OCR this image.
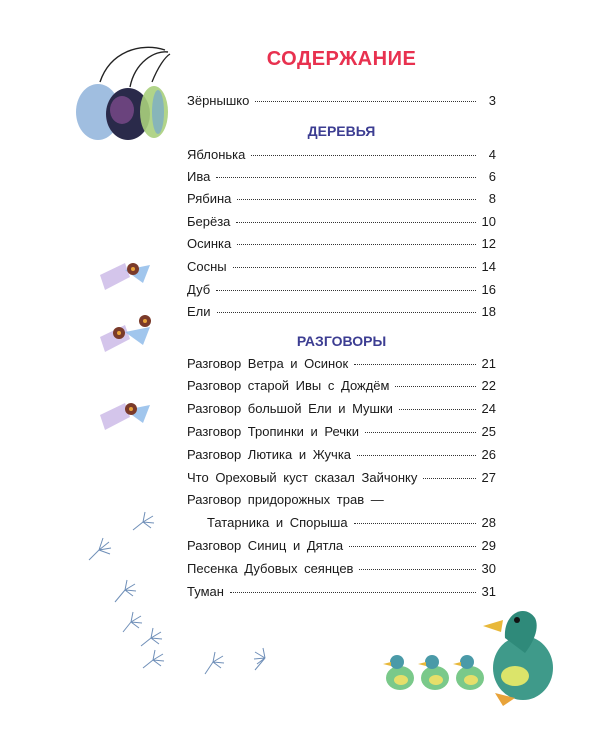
СОДЕРЖАНИЕ
Зёрнышко	3
ДЕРЕВЬЯ
Яблонька	4
Ива	6
Рябина	8
Берёза	10
Осинка	12
Сосны	14
Дуб	16
Ели	18
РАЗГОВОРЫ
Разговор Ветра и Осинок	21
Разговор старой Ивы с Дождём	22
Разговор большой Ели и Мушки	24
Разговор Тропинки и Речки	25
Разговор Лютика и Жучка	26
Что Ореховый куст сказал Зайчонку	27
Разговор придорожных трав —
Татарника и Спорыша	28
Разговор Синиц и Дятла	29
Песенка Дубовых сеянцев	30
Туман	31
